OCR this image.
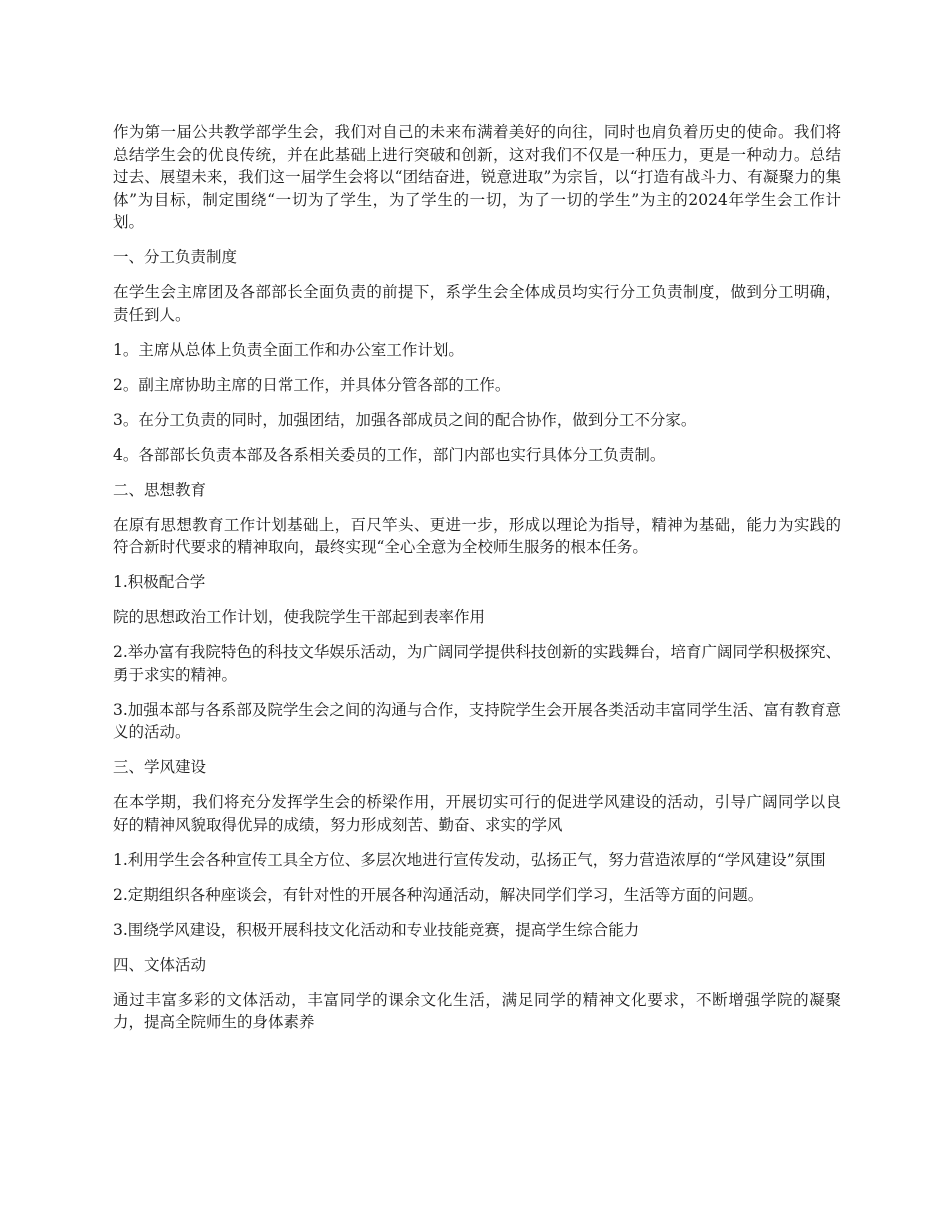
作为第一届公共教学部学生会，我们对自己的未来布满着美好的向往，同时也肩负着历史的使命。我们将总结学生会的优良传统，并在此基础上进行突破和创新，这对我们不仅是一种压力，更是一种动力。总结过去、展望未来，我们这一届学生会将以“团结奋进，锐意进取”为宗旨，以“打造有战斗力、有凝聚力的集体”为目标，制定围绕“一切为了学生，为了学生的一切，为了一切的学生”为主的2024年学生会工作计划。

一、分工负责制度

在学生会主席团及各部部长全面负责的前提下，系学生会全体成员均实行分工负责制度，做到分工明确，责任到人。

1。主席从总体上负责全面工作和办公室工作计划。

2。副主席协助主席的日常工作，并具体分管各部的工作。

3。在分工负责的同时，加强团结，加强各部成员之间的配合协作，做到分工不分家。

4。各部部长负责本部及各系相关委员的工作，部门内部也实行具体分工负责制。

二、思想教育

在原有思想教育工作计划基础上，百尺竿头、更进一步，形成以理论为指导，精神为基础，能力为实践的符合新时代要求的精神取向，最终实现“全心全意为全校师生服务的根本任务。

1.积极配合学

院的思想政治工作计划，使我院学生干部起到表率作用

2.举办富有我院特色的科技文华娱乐活动，为广阔同学提供科技创新的实践舞台，培育广阔同学积极探究、勇于求实的精神。

3.加强本部与各系部及院学生会之间的沟通与合作，支持院学生会开展各类活动丰富同学生活、富有教育意义的活动。

三、学风建设

在本学期，我们将充分发挥学生会的桥梁作用，开展切实可行的促进学风建设的活动，引导广阔同学以良好的精神风貌取得优异的成绩，努力形成刻苦、勤奋、求实的学风

1.利用学生会各种宣传工具全方位、多层次地进行宣传发动，弘扬正气，努力营造浓厚的“学风建设”氛围

2.定期组织各种座谈会，有针对性的开展各种沟通活动，解决同学们学习，生活等方面的问题。

3.围绕学风建设，积极开展科技文化活动和专业技能竞赛，提高学生综合能力

四、文体活动

通过丰富多彩的文体活动，丰富同学的课余文化生活，满足同学的精神文化要求，不断增强学院的凝聚力，提高全院师生的身体素养
